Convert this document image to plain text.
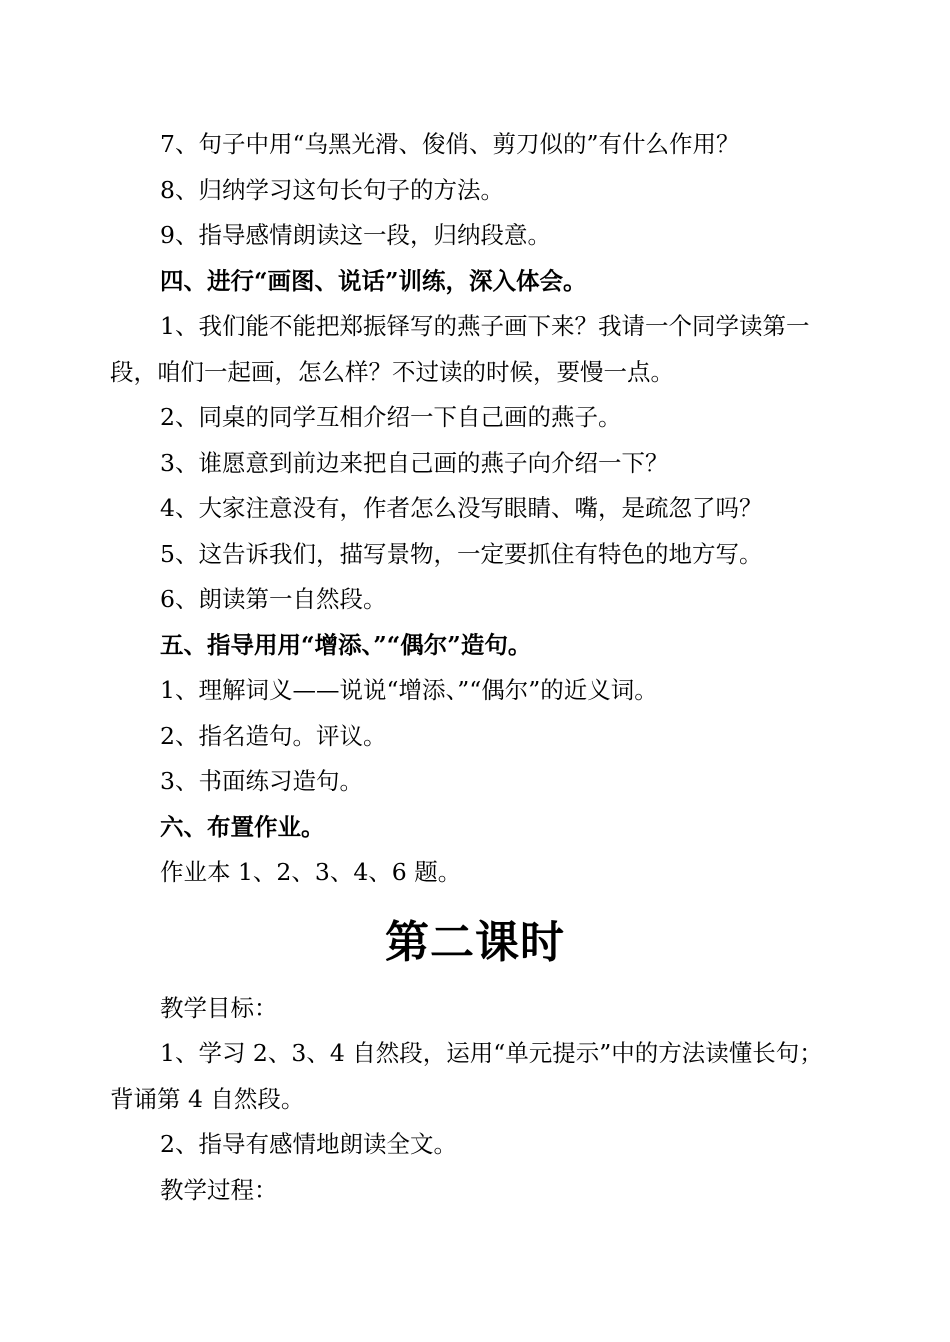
7、句子中用“乌黑光滑、俊俏、剪刀似的”有什么作用？

8、归纳学习这句长句子的方法。

9、指导感情朗读这一段，归纳段意。

四、进行“画图、说话”训练，深入体会。

1、我们能不能把郑振铎写的燕子画下来？我请一个同学读第一段，咱们一起画，怎么样？不过读的时候，要慢一点。

2、同桌的同学互相介绍一下自己画的燕子。

3、谁愿意到前边来把自己画的燕子向介绍一下？

4、大家注意没有，作者怎么没写眼睛、嘴，是疏忽了吗？

5、这告诉我们，描写景物，一定要抓住有特色的地方写。

6、朗读第一自然段。

五、指导用用“增添、”“偶尔”造句。

1、理解词义——说说“增添、”“偶尔”的近义词。

2、指名造句。评议。

3、书面练习造句。

六、布置作业。

作业本 1、2、3、4、6 题。

第二课时

教学目标：

1、学习 2、3、4 自然段，运用“单元提示”中的方法读懂长句；背诵第 4 自然段。

2、指导有感情地朗读全文。

教学过程：
